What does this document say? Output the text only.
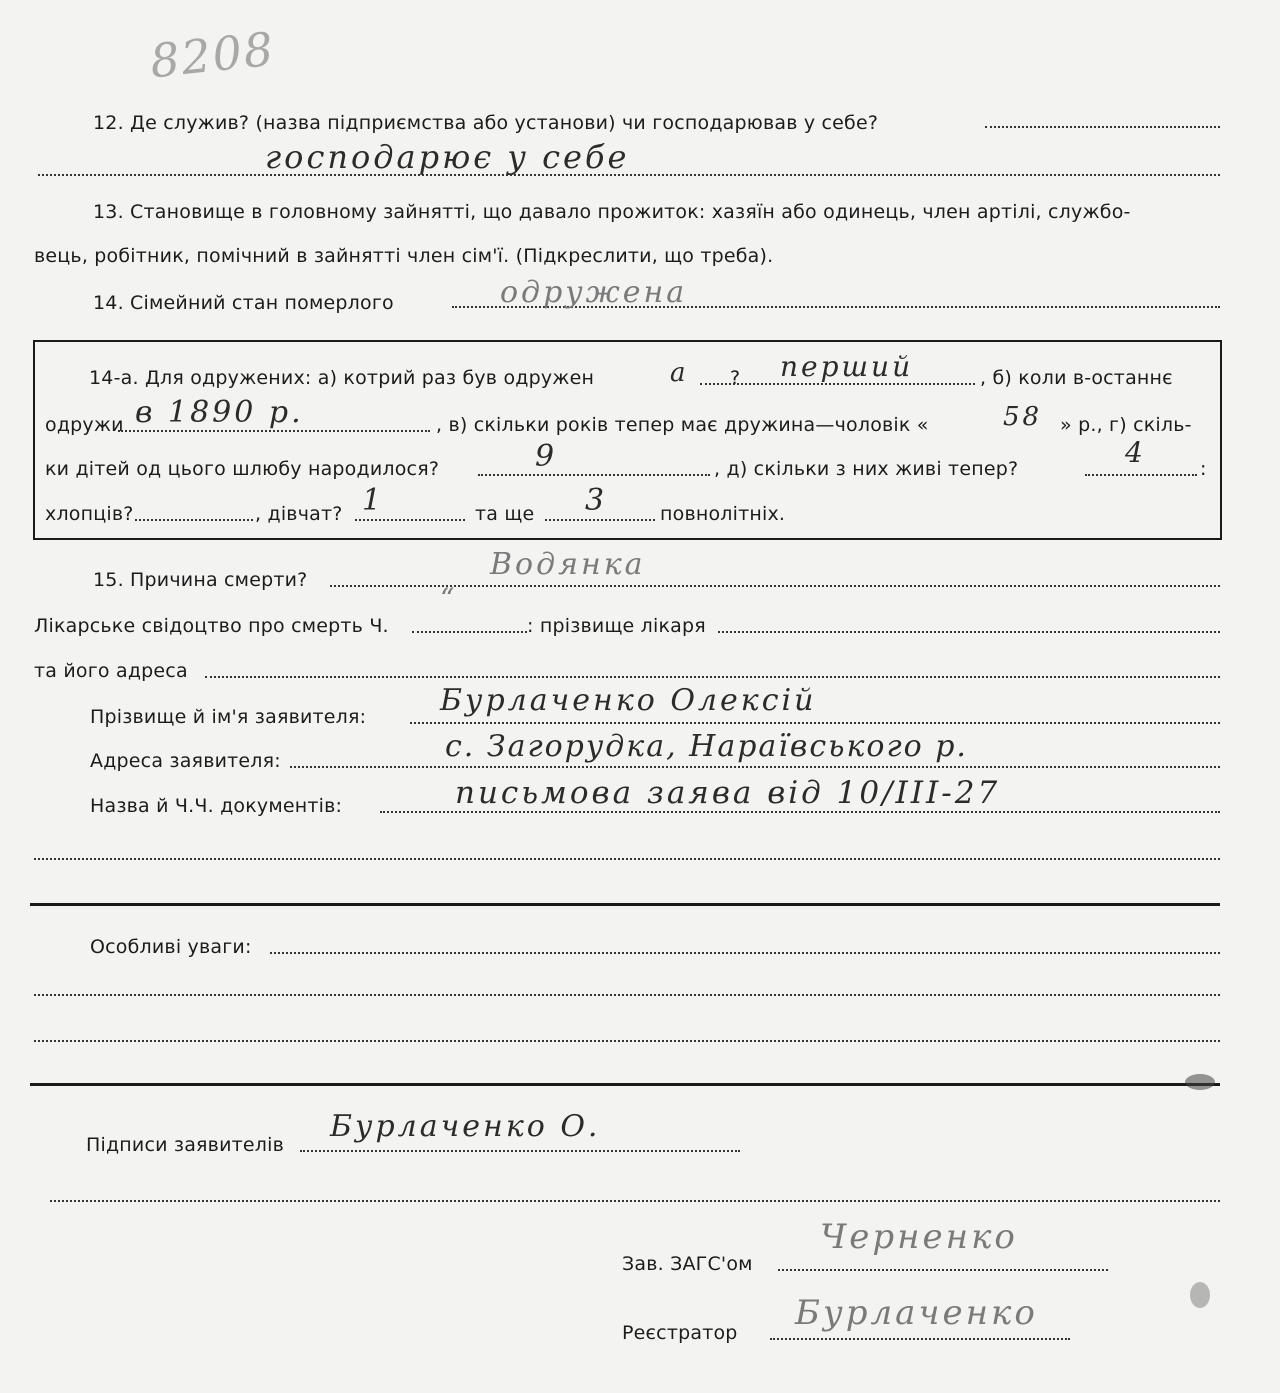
8208
12. Де служив? (назва підприємства або установи) чи господарював у себе?
господарює у себе
13. Становище в головному зайнятті, що давало прожиток: хазяїн або одинець, член артілі, службо-
вець, робітник, помічний в зайнятті член сім'ї. (Підкреслити, що треба).
14. Сімейний стан померлого	одружена
14-а. Для одружених: а) котрий раз був одружен	а ? перший	, б) коли в-останнє
одружи в 1890 р.	, в) скільки років тепер має дружина—чоловік «	58 » р., г) скіль-
ки дітей од цього шлюбу народилося?	9	, д) скільки з них живі тепер?	4	:
хлопців?	, дівчат? 1	та ще 3	повнолітніх.
15. Причина смерти?	Водянка
“
Лікарське свідоцтво про смерть Ч.	: прізвище лікаря
та його адреса
Прізвище й ім'я заявителя: Бурлаченко Олексій
Адреса заявителя:	с. Загорудка, Нараївського р.
Назва й Ч.Ч. документів:	письмова заява від 10/III-27
Особливі уваги:
Підписи заявителів
Бурлаченко О.
Зав. ЗАГС'ом
Черненко
Реєстратор Бурлаченко
